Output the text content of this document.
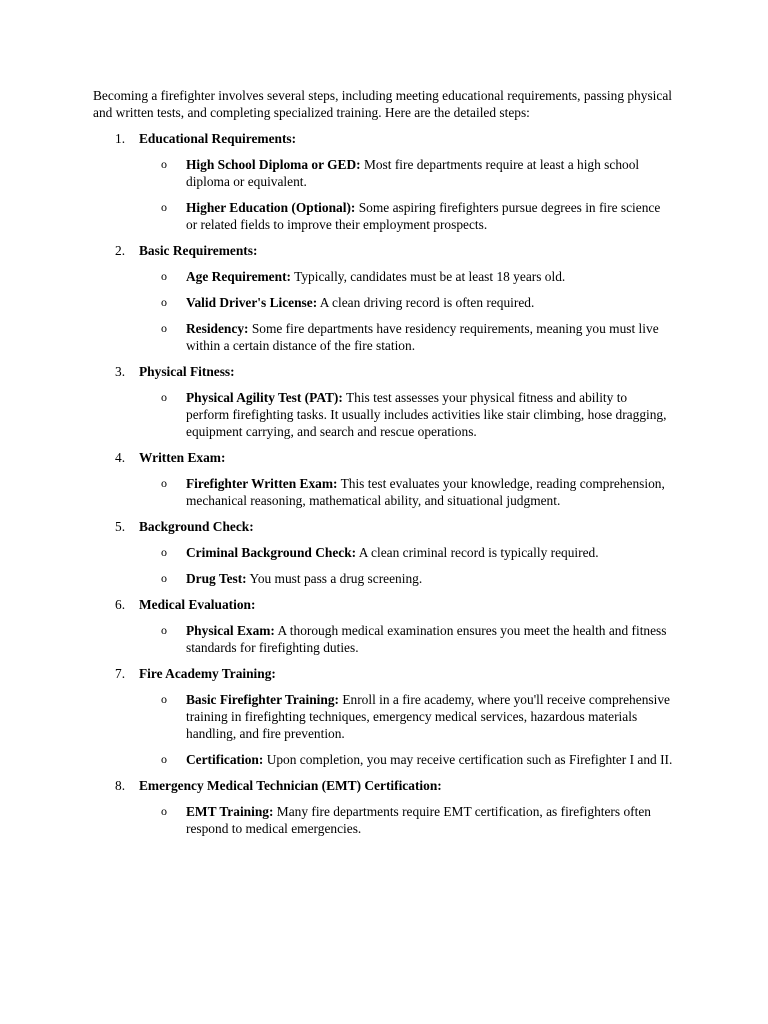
Becoming a firefighter involves several steps, including meeting educational requirements, passing physical and written tests, and completing specialized training. Here are the detailed steps:

1. Educational Requirements:
o High School Diploma or GED: Most fire departments require at least a high school diploma or equivalent.
o Higher Education (Optional): Some aspiring firefighters pursue degrees in fire science or related fields to improve their employment prospects.
2. Basic Requirements:
o Age Requirement: Typically, candidates must be at least 18 years old.
o Valid Driver's License: A clean driving record is often required.
o Residency: Some fire departments have residency requirements, meaning you must live within a certain distance of the fire station.
3. Physical Fitness:
o Physical Agility Test (PAT): This test assesses your physical fitness and ability to perform firefighting tasks. It usually includes activities like stair climbing, hose dragging, equipment carrying, and search and rescue operations.
4. Written Exam:
o Firefighter Written Exam: This test evaluates your knowledge, reading comprehension, mechanical reasoning, mathematical ability, and situational judgment.
5. Background Check:
o Criminal Background Check: A clean criminal record is typically required.
o Drug Test: You must pass a drug screening.
6. Medical Evaluation:
o Physical Exam: A thorough medical examination ensures you meet the health and fitness standards for firefighting duties.
7. Fire Academy Training:
o Basic Firefighter Training: Enroll in a fire academy, where you'll receive comprehensive training in firefighting techniques, emergency medical services, hazardous materials handling, and fire prevention.
o Certification: Upon completion, you may receive certification such as Firefighter I and II.
8. Emergency Medical Technician (EMT) Certification:
o EMT Training: Many fire departments require EMT certification, as firefighters often respond to medical emergencies.
